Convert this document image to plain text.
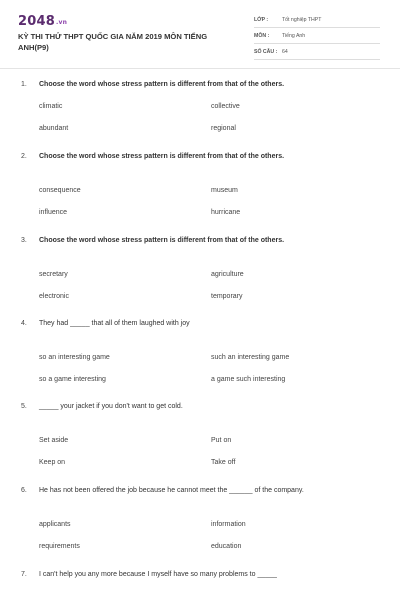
2048.vn
KỲ THI THỬ THPT QUỐC GIA NĂM 2019 MÔN TIẾNG ANH(P9)
LỚP :	Tốt nghiệp THPT
MÔN : Tiếng Anh
SỐ CÂU : 64
1. Choose the word whose stress pattern is different from that of the others.
climatic	collective
abundant	regional
2. Choose the word whose stress pattern is different from that of the others.
consequence	museum
influence	hurricane
3. Choose the word whose stress pattern is different from that of the others.
secretary	agriculture
electronic	temporary
4. They had _____ that all of them laughed with joy
so an interesting game	such an interesting game
so a game interesting	a game such interesting
5. _____ your jacket if you don't want to get cold.
Set aside	Put on
Keep on	Take off
6. He has not been offered the job because he cannot meet the ______ of the company.
applicants	information
requirements	education
7. I can't help you any more because I myself have so many problems to _____
